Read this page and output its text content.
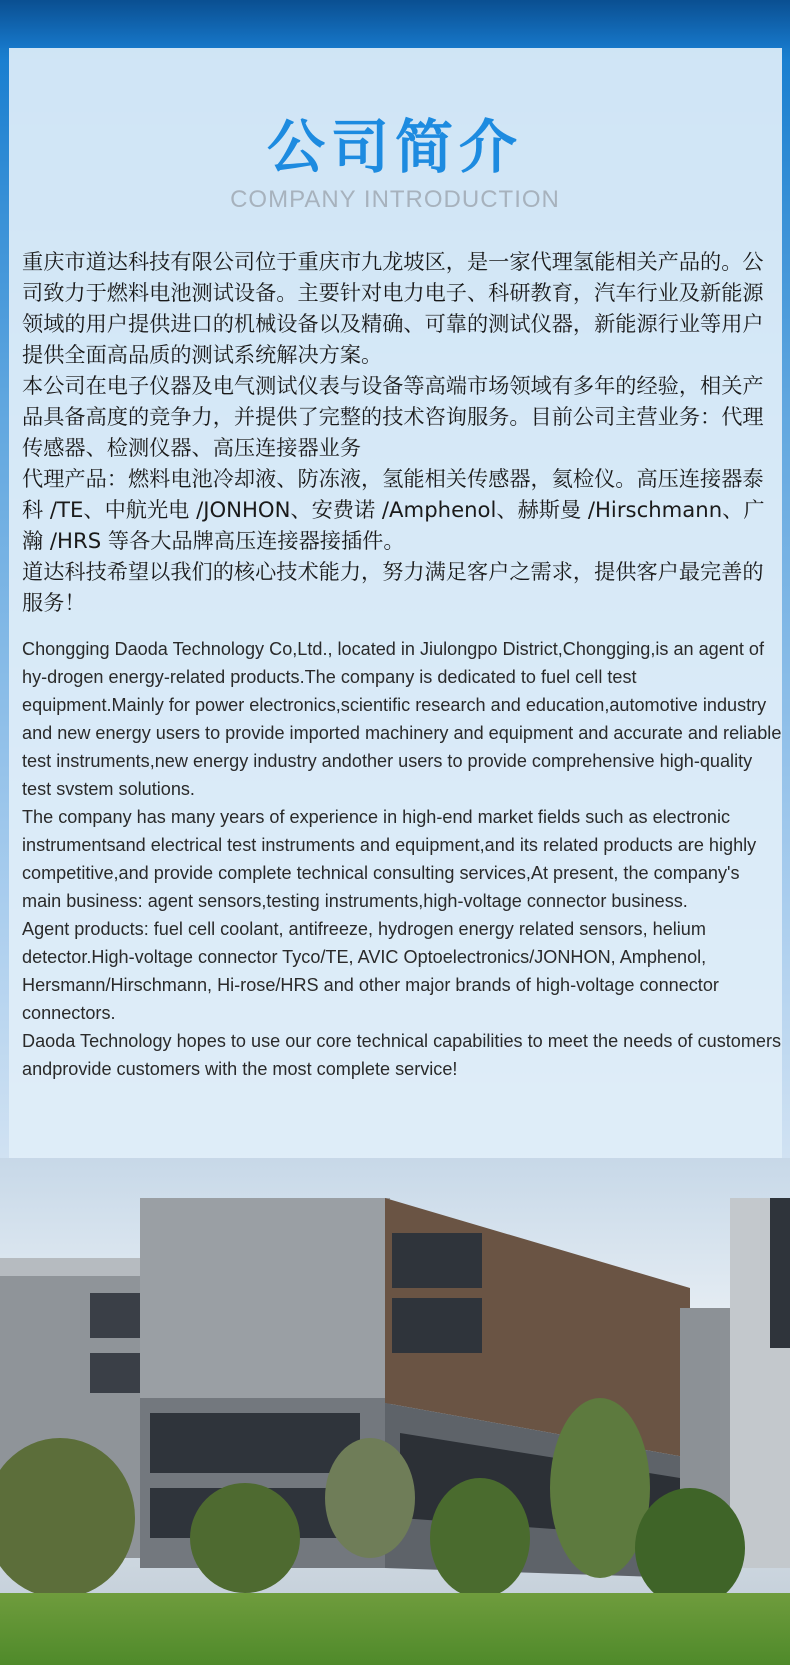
公司简介
COMPANY INTRODUCTION

重庆市道达科技有限公司位于重庆市九龙坡区，是一家代理氢能相关产品的。公司致力于燃料电池测试设备。主要针对电力电子、科研教育，汽车行业及新能源领域的用户提供进口的机械设备以及精确、可靠的测试仪器，新能源行业等用户提供全面高品质的测试系统解决方案。

本公司在电子仪器及电气测试仪表与设备等高端市场领域有多年的经验，相关产品具备高度的竞争力，并提供了完整的技术咨询服务。目前公司主营业务：代理传感器、检测仪器、高压连接器业务

代理产品：燃料电池冷却液、防冻液，氢能相关传感器，氦检仪。高压连接器泰科 /TE、中航光电 /JONHON、安费诺 /Amphenol、赫斯曼 /Hirschmann、广瀚 /HRS 等各大品牌高压连接器接插件。

道达科技希望以我们的核心技术能力，努力满足客户之需求，提供客户最完善的服务！

Chongging Daoda Technology Co,Ltd., located in Jiulongpo District,Chongging,is an agent of hy-drogen energy-related products.The company is dedicated to fuel cell test equipment.Mainly for power electronics,scientific research and education,automotive industry and new energy users to provide imported machinery and equipment and accurate and reliable test instruments,new energy industry andother users to provide comprehensive high-quality test svstem solutions.

The company has many years of experience in high-end market fields such as electronic instrumentsand electrical test instruments and equipment,and its related products are highly competitive,and provide complete technical consulting services,At present, the company's main business: agent sensors,testing instruments,high-voltage connector business.

Agent products: fuel cell coolant, antifreeze, hydrogen energy related sensors, helium detector.High-voltage connector Tyco/TE, AVIC Optoelectronics/JONHON, Amphenol, Hersmann/Hirschmann, Hi-rose/HRS and other major brands of high-voltage connector connectors.

Daoda Technology hopes to use our core technical capabilities to meet the needs of customers andprovide customers with the most complete service!
